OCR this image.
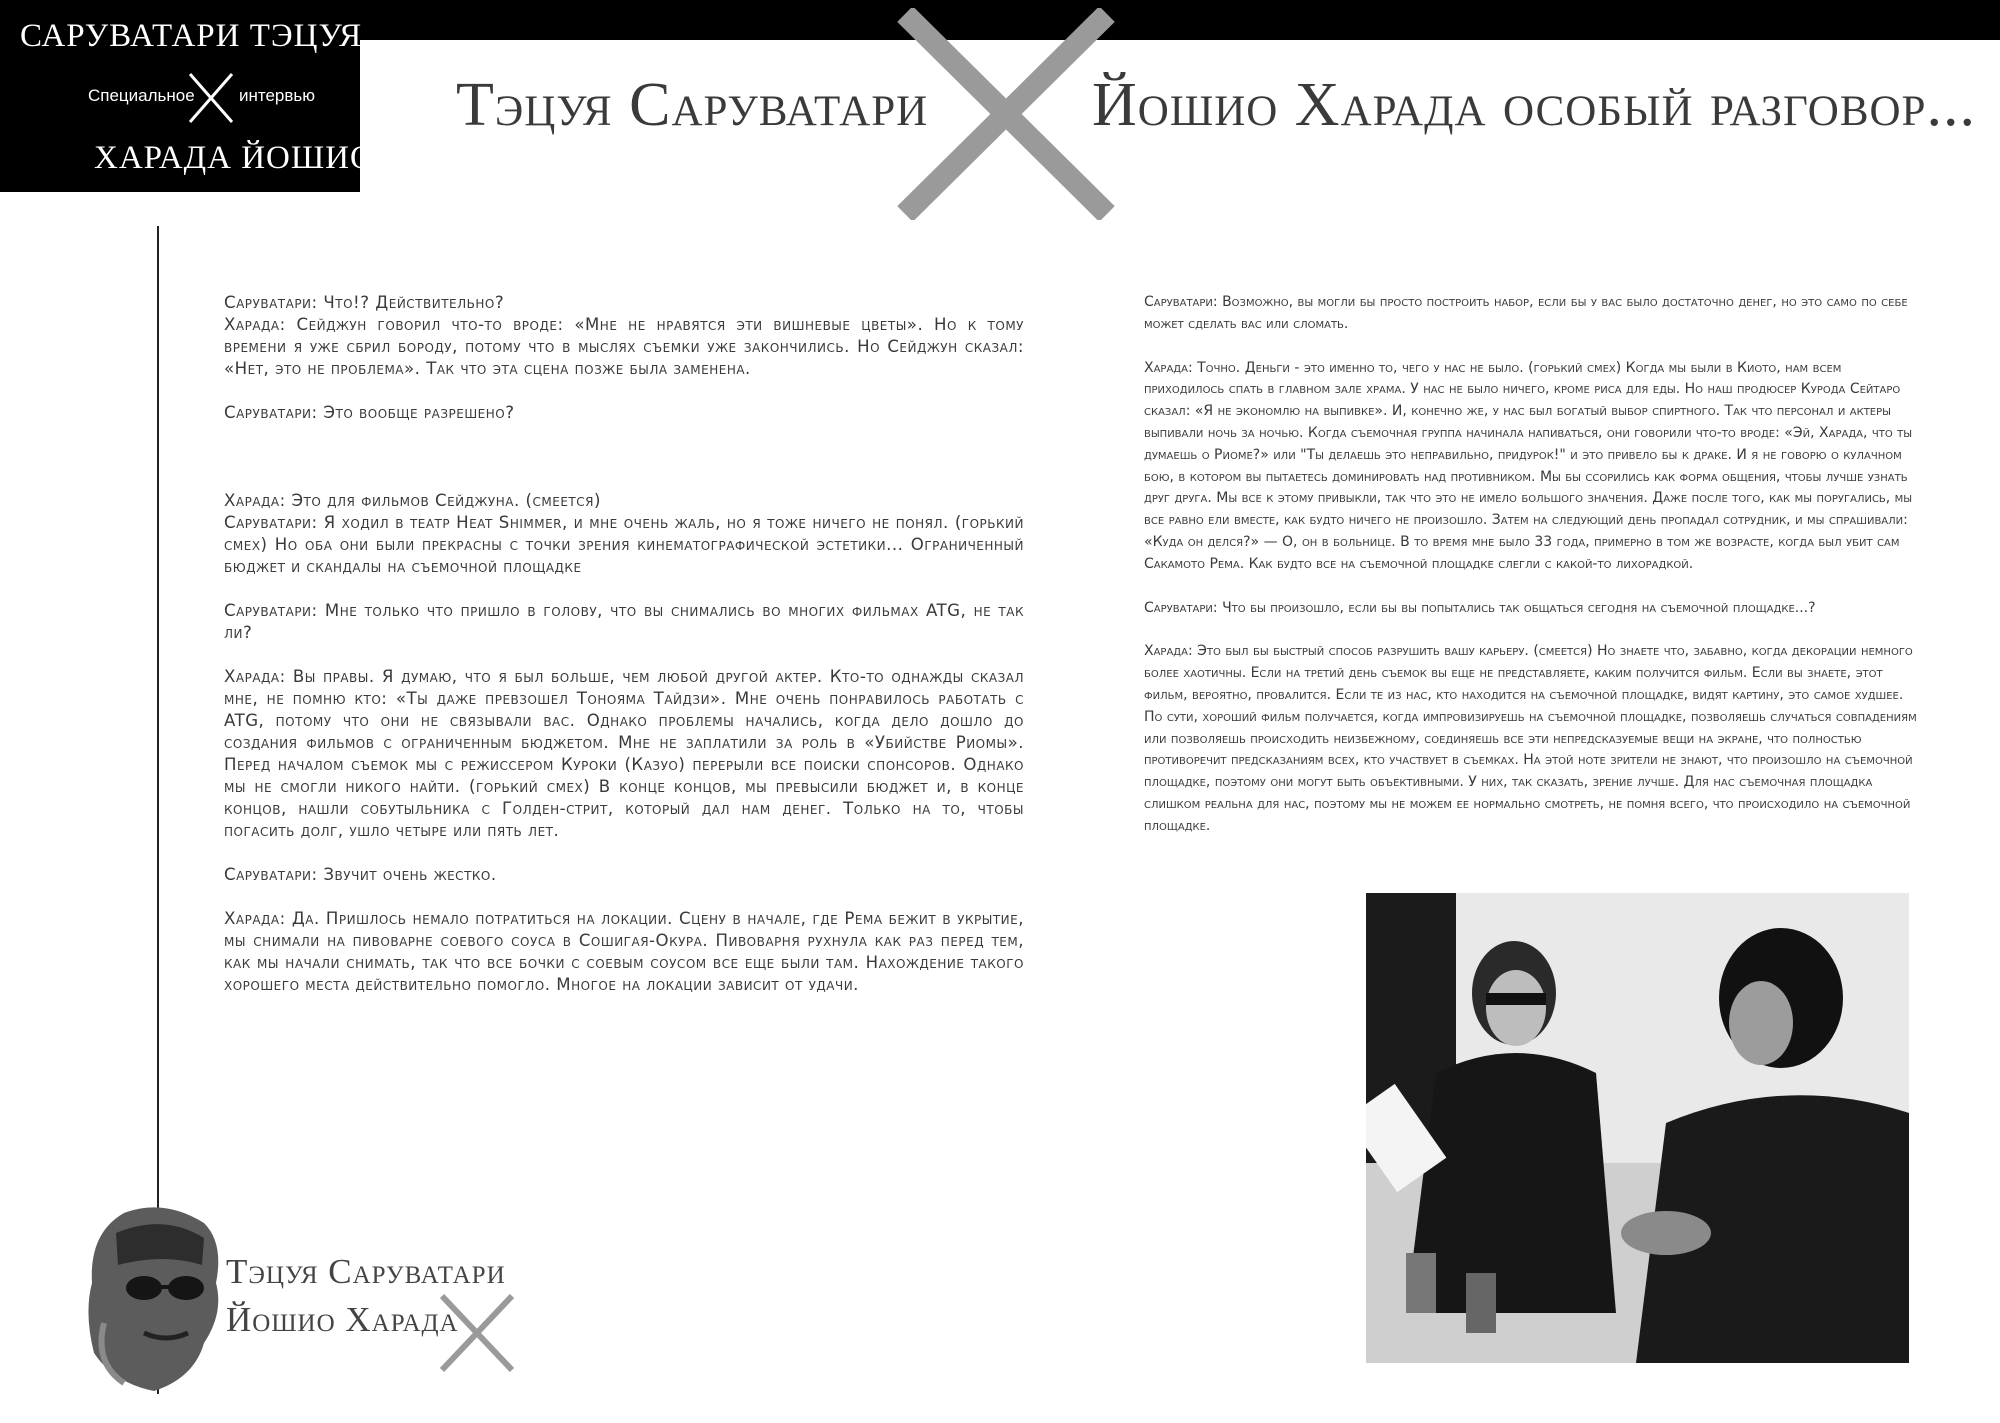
САРУВАТАРИ ТЭЦУЯ
Специальное	интервью
ХАРАДА ЙОШИО
Тэцуя Саруватари	Йошио Харада особый разговор...

Саруватари: Что!? Действительно?

Харада: Сейджун говорил что-то вроде: «Мне не нравятся эти вишневые цветы». Но к тому времени я уже сбрил бороду, потому что в мыслях съемки уже закончились. Но Сейджун сказал: «Нет, это не проблема». Так что эта сцена позже была заменена.

Саруватари: Это вообще разрешено?

Харада: Это для фильмов Сейджуна. (смеется)

Саруватари: Я ходил в театр Heat Shimmer, и мне очень жаль, но я тоже ничего не понял. (горький смех) Но оба они были прекрасны с точки зрения кинематографической эстетики... Ограниченный бюджет и скандалы на съемочной площадке

Саруватари: Мне только что пришло в голову, что вы снимались во многих фильмах ATG, не так ли?

Харада: Вы правы. Я думаю, что я был больше, чем любой другой актер. Кто-то однажды сказал мне, не помню кто: «Ты даже превзошел Тонояма Тайдзи». Мне очень понравилось работать с ATG, потому что они не связывали вас. Однако проблемы начались, когда дело дошло до создания фильмов с ограниченным бюджетом. Мне не заплатили за роль в «Убийстве Риомы». Перед началом съемок мы с режиссером Куроки (Казуо) перерыли все поиски спонсоров. Однако мы не смогли никого найти. (горький смех) В конце концов, мы превысили бюджет и, в конце концов, нашли собутыльника с Голден-стрит, который дал нам денег. Только на то, чтобы погасить долг, ушло четыре или пять лет.

Саруватари: Звучит очень жестко.

Харада: Да. Пришлось немало потратиться на локации. Сцену в начале, где Рема бежит в укрытие, мы снимали на пивоварне соевого соуса в Сошигая-Окура. Пивоварня рухнула как раз перед тем, как мы начали снимать, так что все бочки с соевым соусом все еще были там. Нахождение такого хорошего места действительно помогло. Многое на локации зависит от удачи.

Саруватари: Возможно, вы могли бы просто построить набор, если бы у вас было достаточно денег, но это само по себе может сделать вас или сломать.

Харада: Точно. Деньги - это именно то, чего у нас не было. (горький смех) Когда мы были в Киото, нам всем приходилось спать в главном зале храма. У нас не было ничего, кроме риса для еды. Но наш продюсер Курода Сейтаро сказал: «Я не экономлю на выпивке». И, конечно же, у нас был богатый выбор спиртного. Так что персонал и актеры выпивали ночь за ночью. Когда съемочная группа начинала напиваться, они говорили что-то вроде: «Эй, Харада, что ты думаешь о Риоме?» или "Ты делаешь это неправильно, придурок!" и это привело бы к драке. И я не говорю о кулачном бою, в котором вы пытаетесь доминировать над противником. Мы бы ссорились как форма общения, чтобы лучше узнать друг друга. Мы все к этому привыкли, так что это не имело большого значения. Даже после того, как мы поругались, мы все равно ели вместе, как будто ничего не произошло. Затем на следующий день пропадал сотрудник, и мы спрашивали: «Куда он делся?» — О, он в больнице. В то время мне было 33 года, примерно в том же возрасте, когда был убит сам Сакамото Рема. Как будто все на съемочной площадке слегли с какой-то лихорадкой.

Саруватари: Что бы произошло, если бы вы попытались так общаться сегодня на съемочной площадке...?

Харада: Это был бы быстрый способ разрушить вашу карьеру. (смеется) Но знаете что, забавно, когда декорации немного более хаотичны. Если на третий день съемок вы еще не представляете, каким получится фильм. Если вы знаете, этот фильм, вероятно, провалится. Если те из нас, кто находится на съемочной площадке, видят картину, это самое худшее. По сути, хороший фильм получается, когда импровизируешь на съемочной площадке, позволяешь случаться совпадениям или позволяешь происходить неизбежному, соединяешь все эти непредсказуемые вещи на экране, что полностью противоречит предсказаниям всех, кто участвует в съемках. На этой ноте зрители не знают, что произошло на съемочной площадке, поэтому они могут быть объективными. У них, так сказать, зрение лучше. Для нас съемочная площадка слишком реальна для нас, поэтому мы не можем ее нормально смотреть, не помня всего, что происходило на съемочной площадке.

Тэцуя Саруватари
Йошио Харада
